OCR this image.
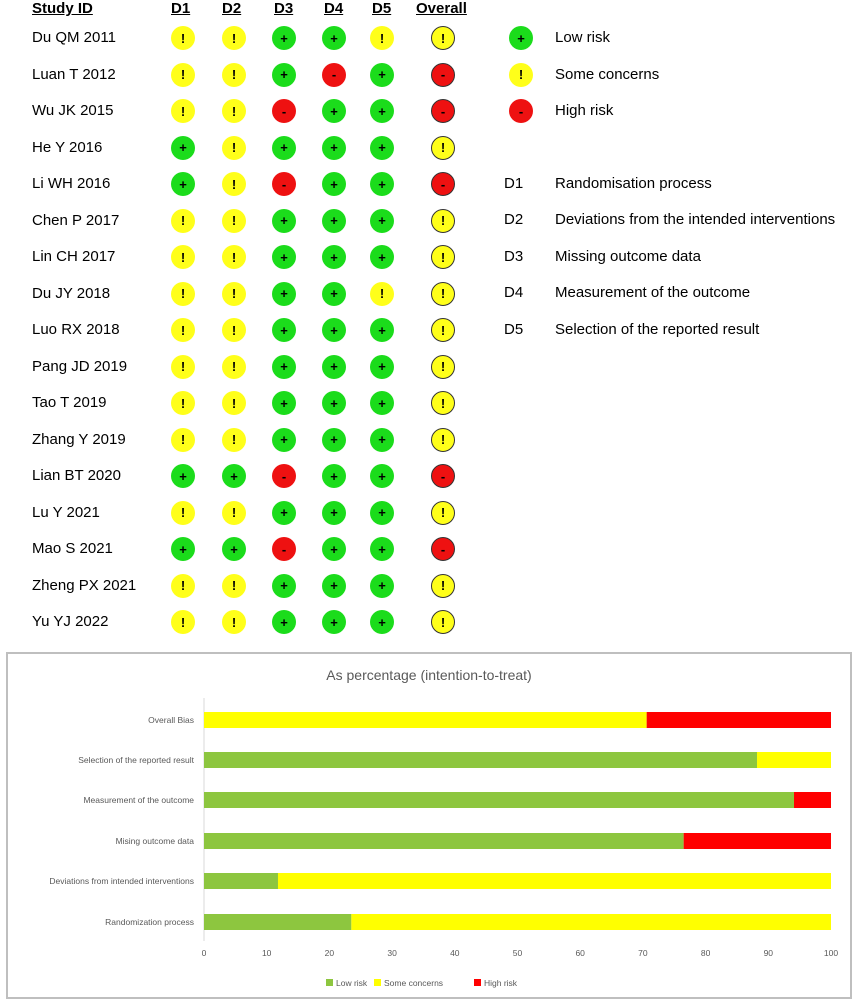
Study ID	D1 D2 D3 D4 D5 Overall
Du QM 2011	!	!	+	+	!	!
Luan T 2012	!	!	+	-	+	-
Wu JK 2015	!	!	-	+	+	-
He Y 2016	+	!	+	+	+	!
Li WH 2016	+	!	-	+	+	-
Chen P 2017	!	!	+	+	+	!
Lin CH 2017	!	!	+	+	+	!
Du JY 2018	!	!	+	+	!	!
Luo RX 2018	!	!	+	+	+	!
Pang JD 2019	!	!	+	+	+	!
Tao T 2019	!	!	+	+	+	!
Zhang Y 2019	!	!	+	+	+	!
Lian BT 2020	+	+	-	+	+	-
Lu Y 2021	!	!	+	+	+	!
Mao S 2021	+	+	-	+	+	-
Zheng PX 2021	!	!	+	+	+	!
Yu YJ 2022	!	!	+	+	+	!
+	Low risk
!	Some concerns
-	High risk
D1 Randomisation process
D2 Deviations from the intended interventions
D3 Missing outcome data
D4 Measurement of the outcome
D5 Selection of the reported result
As percentage (intention-to-treat)
Overall Bias
Selection of the reported result
Measurement of the outcome
Mising outcome data
Deviations from intended interventions
Randomization process
0	10	20	30	40	50	60	70	80	90	100
Low risk Some concerns	High risk
